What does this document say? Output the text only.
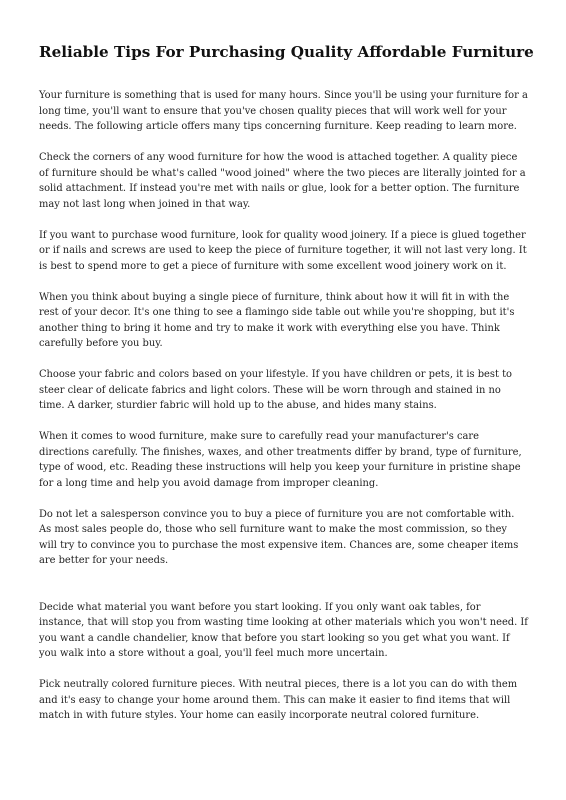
Reliable Tips For Purchasing Quality Affordable Furniture

Your furniture is something that is used for many hours. Since you'll be using your furniture for a long time, you'll want to ensure that you've chosen quality pieces that will work well for your needs. The following article offers many tips concerning furniture. Keep reading to learn more.

Check the corners of any wood furniture for how the wood is attached together. A quality piece of furniture should be what's called "wood joined" where the two pieces are literally jointed for a solid attachment. If instead you're met with nails or glue, look for a better option. The furniture may not last long when joined in that way.

If you want to purchase wood furniture, look for quality wood joinery. If a piece is glued together or if nails and screws are used to keep the piece of furniture together, it will not last very long. It is best to spend more to get a piece of furniture with some excellent wood joinery work on it.

When you think about buying a single piece of furniture, think about how it will fit in with the rest of your decor. It's one thing to see a flamingo side table out while you're shopping, but it's another thing to bring it home and try to make it work with everything else you have. Think carefully before you buy.

Choose your fabric and colors based on your lifestyle. If you have children or pets, it is best to steer clear of delicate fabrics and light colors. These will be worn through and stained in no time. A darker, sturdier fabric will hold up to the abuse, and hides many stains.

When it comes to wood furniture, make sure to carefully read your manufacturer's care directions carefully. The finishes, waxes, and other treatments differ by brand, type of furniture, type of wood, etc. Reading these instructions will help you keep your furniture in pristine shape for a long time and help you avoid damage from improper cleaning.

Do not let a salesperson convince you to buy a piece of furniture you are not comfortable with. As most sales people do, those who sell furniture want to make the most commission, so they will try to convince you to purchase the most expensive item. Chances are, some cheaper items are better for your needs.

Decide what material you want before you start looking. If you only want oak tables, for instance, that will stop you from wasting time looking at other materials which you won't need. If you want a candle chandelier, know that before you start looking so you get what you want. If you walk into a store without a goal, you'll feel much more uncertain.

Pick neutrally colored furniture pieces. With neutral pieces, there is a lot you can do with them and it's easy to change your home around them. This can make it easier to find items that will match in with future styles. Your home can easily incorporate neutral colored furniture.
